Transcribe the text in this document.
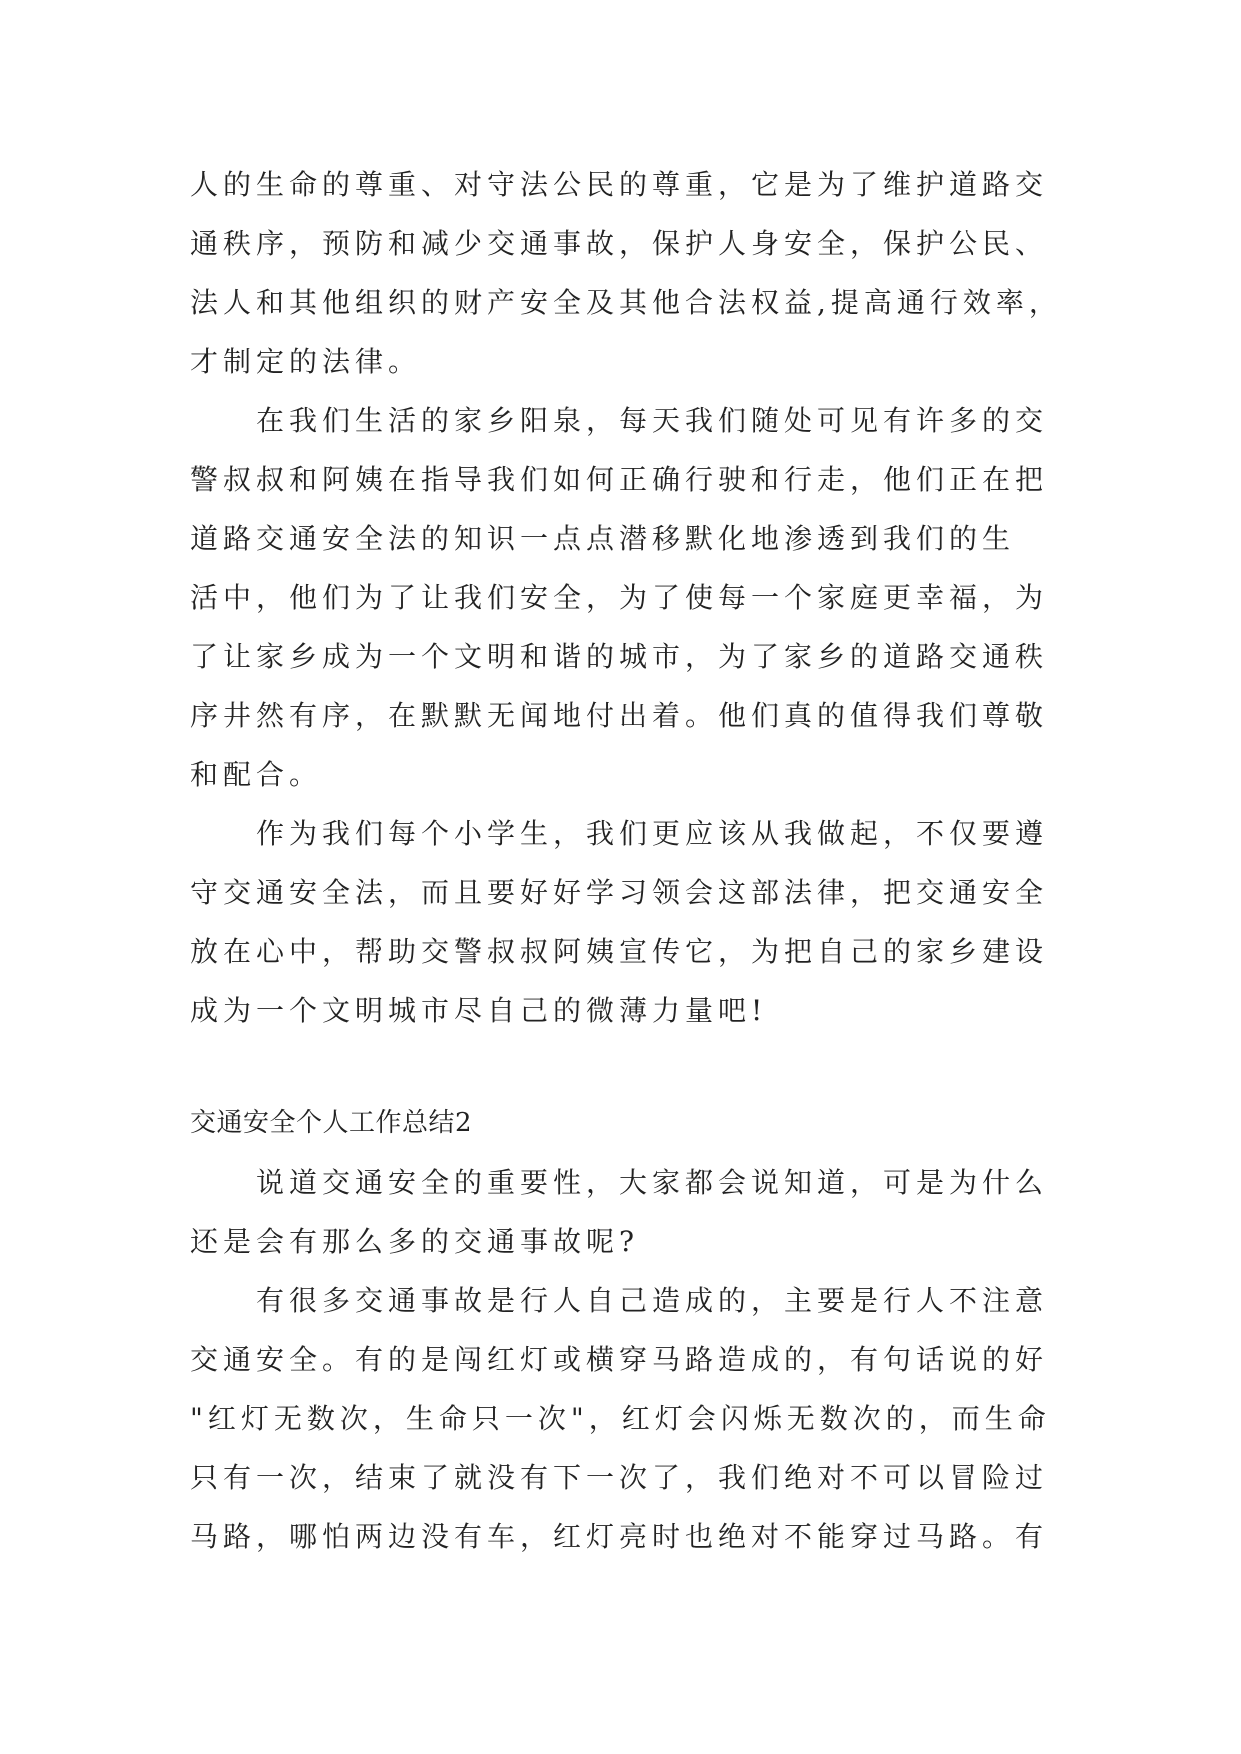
人的生命的尊重、对守法公民的尊重，它是为了维护道路交
通秩序，预防和减少交通事故，保护人身安全，保护公民、
法人和其他组织的财产安全及其他合法权益,提高通行效率，
才制定的法律。
在我们生活的家乡阳泉，每天我们随处可见有许多的交
警叔叔和阿姨在指导我们如何正确行驶和行走，他们正在把
道路交通安全法的知识一点点潜移默化地渗透到我们的生
活中，他们为了让我们安全，为了使每一个家庭更幸福，为
了让家乡成为一个文明和谐的城市，为了家乡的道路交通秩
序井然有序，在默默无闻地付出着。他们真的值得我们尊敬
和配合。
作为我们每个小学生，我们更应该从我做起，不仅要遵
守交通安全法，而且要好好学习领会这部法律，把交通安全
放在心中，帮助交警叔叔阿姨宣传它，为把自己的家乡建设
成为一个文明城市尽自己的微薄力量吧!
交通安全个人工作总结2
说道交通安全的重要性，大家都会说知道，可是为什么
还是会有那么多的交通事故呢?
有很多交通事故是行人自己造成的，主要是行人不注意
交通安全。有的是闯红灯或横穿马路造成的，有句话说的好
"红灯无数次，生命只一次"，红灯会闪烁无数次的，而生命
只有一次，结束了就没有下一次了，我们绝对不可以冒险过
马路，哪怕两边没有车，红灯亮时也绝对不能穿过马路。有
